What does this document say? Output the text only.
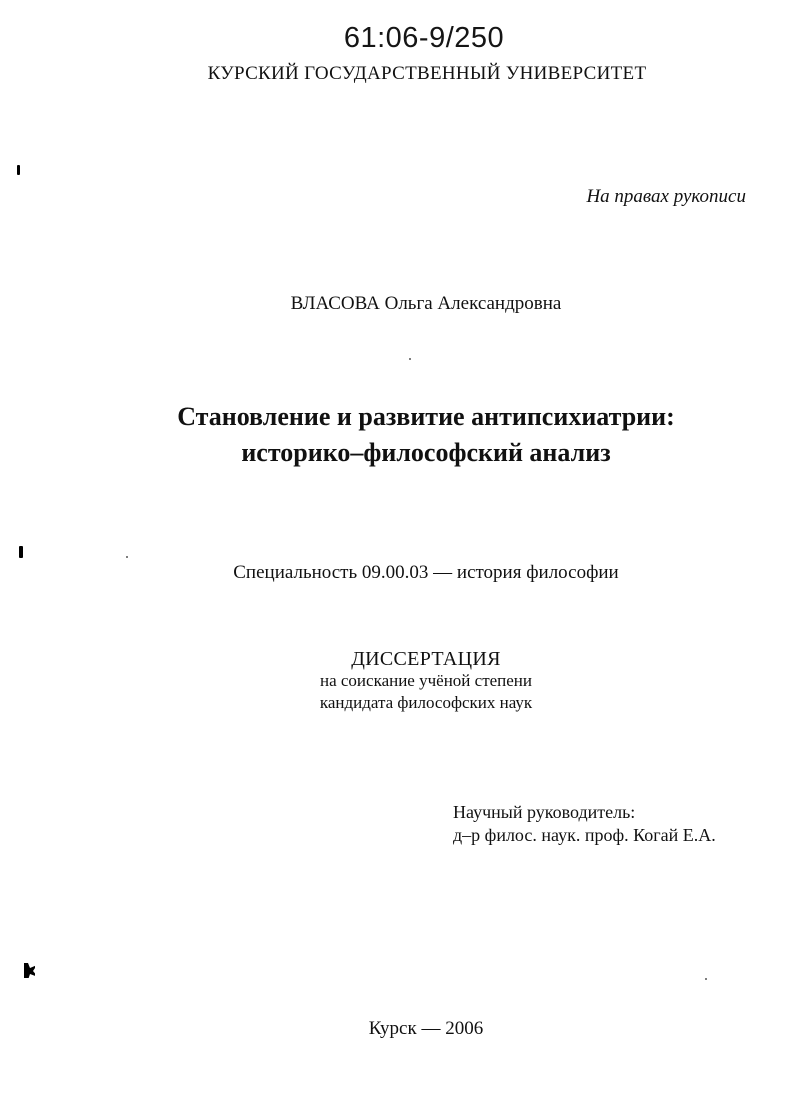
61:06-9/250
КУРСКИЙ ГОСУДАРСТВЕННЫЙ УНИВЕРСИТЕТ
На правах рукописи
ВЛАСОВА Ольга Александровна
Становление и развитие антипсихиатрии:
историко–философский анализ
Специальность 09.00.03 — история философии
ДИССЕРТАЦИЯ
на соискание учёной степени
кандидата философских наук
Научный руководитель:
д–р филос. наук. проф. Когай Е.А.
Курск — 2006
